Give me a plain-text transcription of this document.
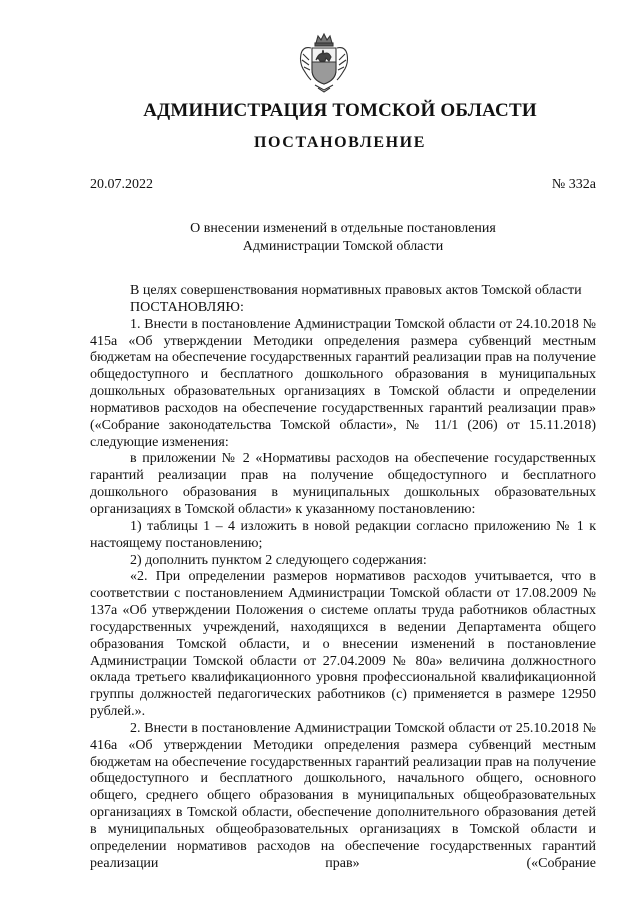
АДМИНИСТРАЦИЯ ТОМСКОЙ ОБЛАСТИ
ПОСТАНОВЛЕНИЕ
20.07.2022	№ 332а
О внесении изменений в отдельные постановления
Администрации Томской области

В целях совершенствования нормативных правовых актов Томской области

ПОСТАНОВЛЯЮ:

1. Внести в постановление Администрации Томской области от 24.10.2018 № 415а «Об утверждении Методики определения размера субвенций местным бюджетам на обеспечение государственных гарантий реализации прав на получение общедоступного и бесплатного дошкольного образования в муниципальных дошкольных образовательных организациях в Томской области и определении нормативов расходов на обеспечение государственных гарантий реализации прав» («Собрание законодательства Томской области», № 11/1 (206) от 15.11.2018) следующие изменения:

в приложении № 2 «Нормативы расходов на обеспечение государственных гарантий реализации прав на получение общедоступного и бесплатного дошкольного образования в муниципальных дошкольных образовательных организациях в Томской области» к указанному постановлению:

1) таблицы 1 – 4 изложить в новой редакции согласно приложению № 1 к настоящему постановлению;

2) дополнить пунктом 2 следующего содержания:

«2. При определении размеров нормативов расходов учитывается, что в соответствии с постановлением Администрации Томской области от 17.08.2009 № 137а «Об утверждении Положения о системе оплаты труда работников областных государственных учреждений, находящихся в ведении Департамента общего образования Томской области, и о внесении изменений в постановление Администрации Томской области от 27.04.2009 № 80а» величина должностного оклада третьего квалификационного уровня профессиональной квалификационной группы должностей педагогических работников (с) применяется в размере 12950 рублей.».

2. Внести в постановление Администрации Томской области от 25.10.2018 № 416а «Об утверждении Методики определения размера субвенций местным бюджетам на обеспечение государственных гарантий реализации прав на получение общедоступного и бесплатного дошкольного, начального общего, основного общего, среднего общего образования в муниципальных общеобразовательных организациях в Томской области, обеспечение дополнительного образования детей в муниципальных общеобразовательных организациях в Томской области и определении нормативов расходов на обеспечение государственных гарантий реализации прав» («Собрание
